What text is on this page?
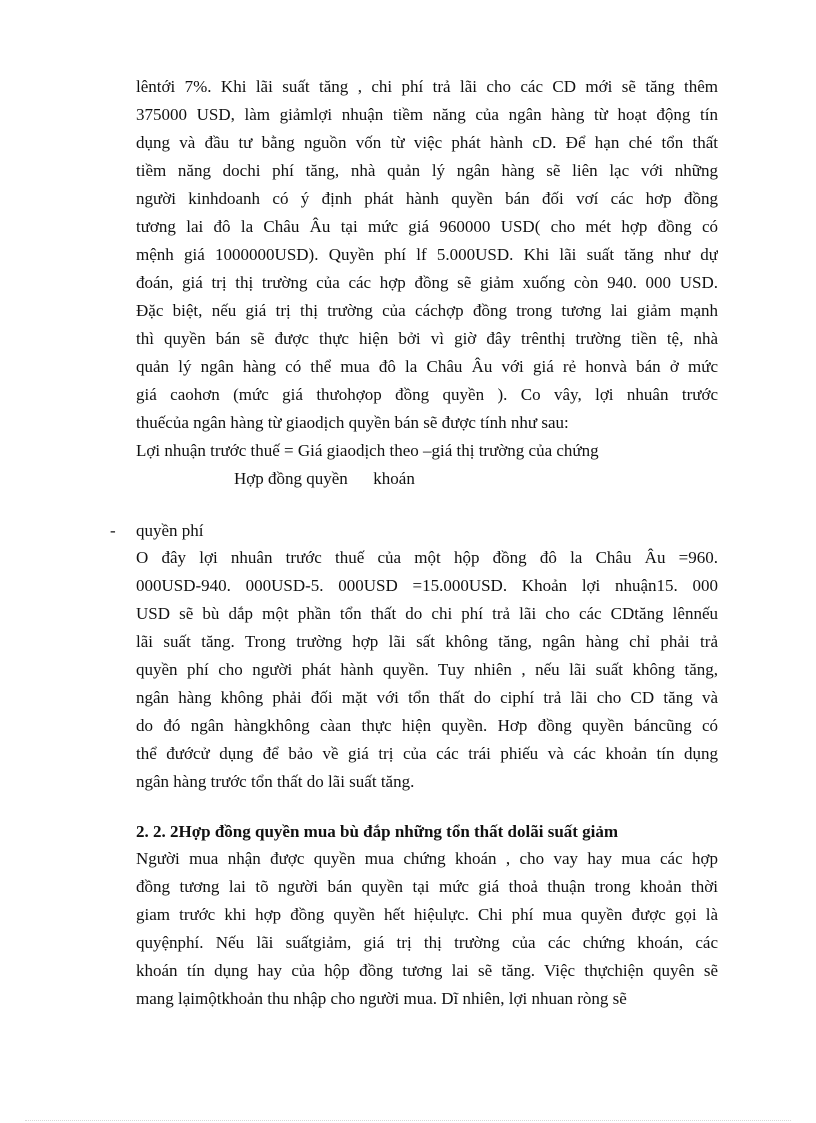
lêntới 7%. Khi lãi suất tăng , chi phí trả lãi cho các CD mới sẽ tăng thêm
375000 USD, làm giảmlợi nhuận tiềm năng của ngân hàng từ hoạt động tín
dụng và đầu tư bằng nguồn vốn từ việc phát hành cD. Để hạn ché tổn thất
tiềm năng dochi phí tăng, nhà quản lý ngân hàng sẽ liên lạc với những
người kinhdoanh có ý định phát hành quyền bán đối vơí các hơp đồng
tương lai đô la Châu Âu tại mức giá 960000 USD( cho mét hợp đồng có
mệnh giá 1000000USD). Quyền phí lf 5.000USD. Khi lãi suất tăng như dự
đoán, giá trị thị trường của các hợp đồng sẽ giảm xuống còn 940. 000 USD.
Đặc biệt, nếu giá trị thị trường của cáchợp đồng trong tương lai giảm mạnh
thì quyền bán sẽ được thực hiện bởi vì giờ đây trênthị trường tiền tệ, nhà
quản lý ngân hàng có thể mua đô la Châu Âu với giá rẻ honvà bán ở mức
giá caohơn (mức giá thưohợop đồng quyền ). Co vây, lợi nhuân trước
thuếcủa ngân hàng từ giaodịch quyền bán sẽ được tính như sau:
Lợi nhuận trước thuế = Giá giaodịch theo –giá thị trường của chứng
Hợp đồng quyền      khoán
- quyền phí
O đây lợi nhuân trước thuế của một hộp đồng đô la Châu Âu =960.
000USD-940. 000USD-5. 000USD =15.000USD. Khoản lợi nhuận15. 000
USD sẽ bù dắp một phần tổn thất do chi phí trả lãi cho các CDtăng lênnếu
lãi suất tăng. Trong trường hợp lãi sất không tăng, ngân hàng chỉ phải trả
quyền phí cho người phát hành quyền. Tuy nhiên , nếu lãi suất không tăng,
ngân hàng không phải đối mặt với tổn thất do ciphí trả lãi cho CD tăng và
do đó ngân hàngkhông càan thực hiện quyền. Hơp đồng quyền báncũng có
thể đướcử dụng để bảo về giá trị của các trái phiếu và các khoản tín dụng
ngân hàng trước tổn thất do lãi suất tăng.
2. 2. 2Hợp đồng quyền mua bù đắp những tổn thất dolãi suất giảm
Người mua nhận được quyền mua chứng khoán , cho vay hay mua các hợp
đồng tương lai tõ người bán quyền tại mức giá thoả thuận trong khoản thời
giam trước khi hợp đồng quyền hết hiệulực. Chi phí mua quyền được gọi là
quyệnphí. Nếu lãi suấtgiảm, giá trị thị trường của các chứng khoán, các
khoán tín dụng hay của hộp đồng tương lai sẽ tăng. Việc thựchiện quyên sẽ
mang lạimộtkhoản thu nhập cho người mua. Dĩ nhiên, lợi nhuan ròng sẽ
